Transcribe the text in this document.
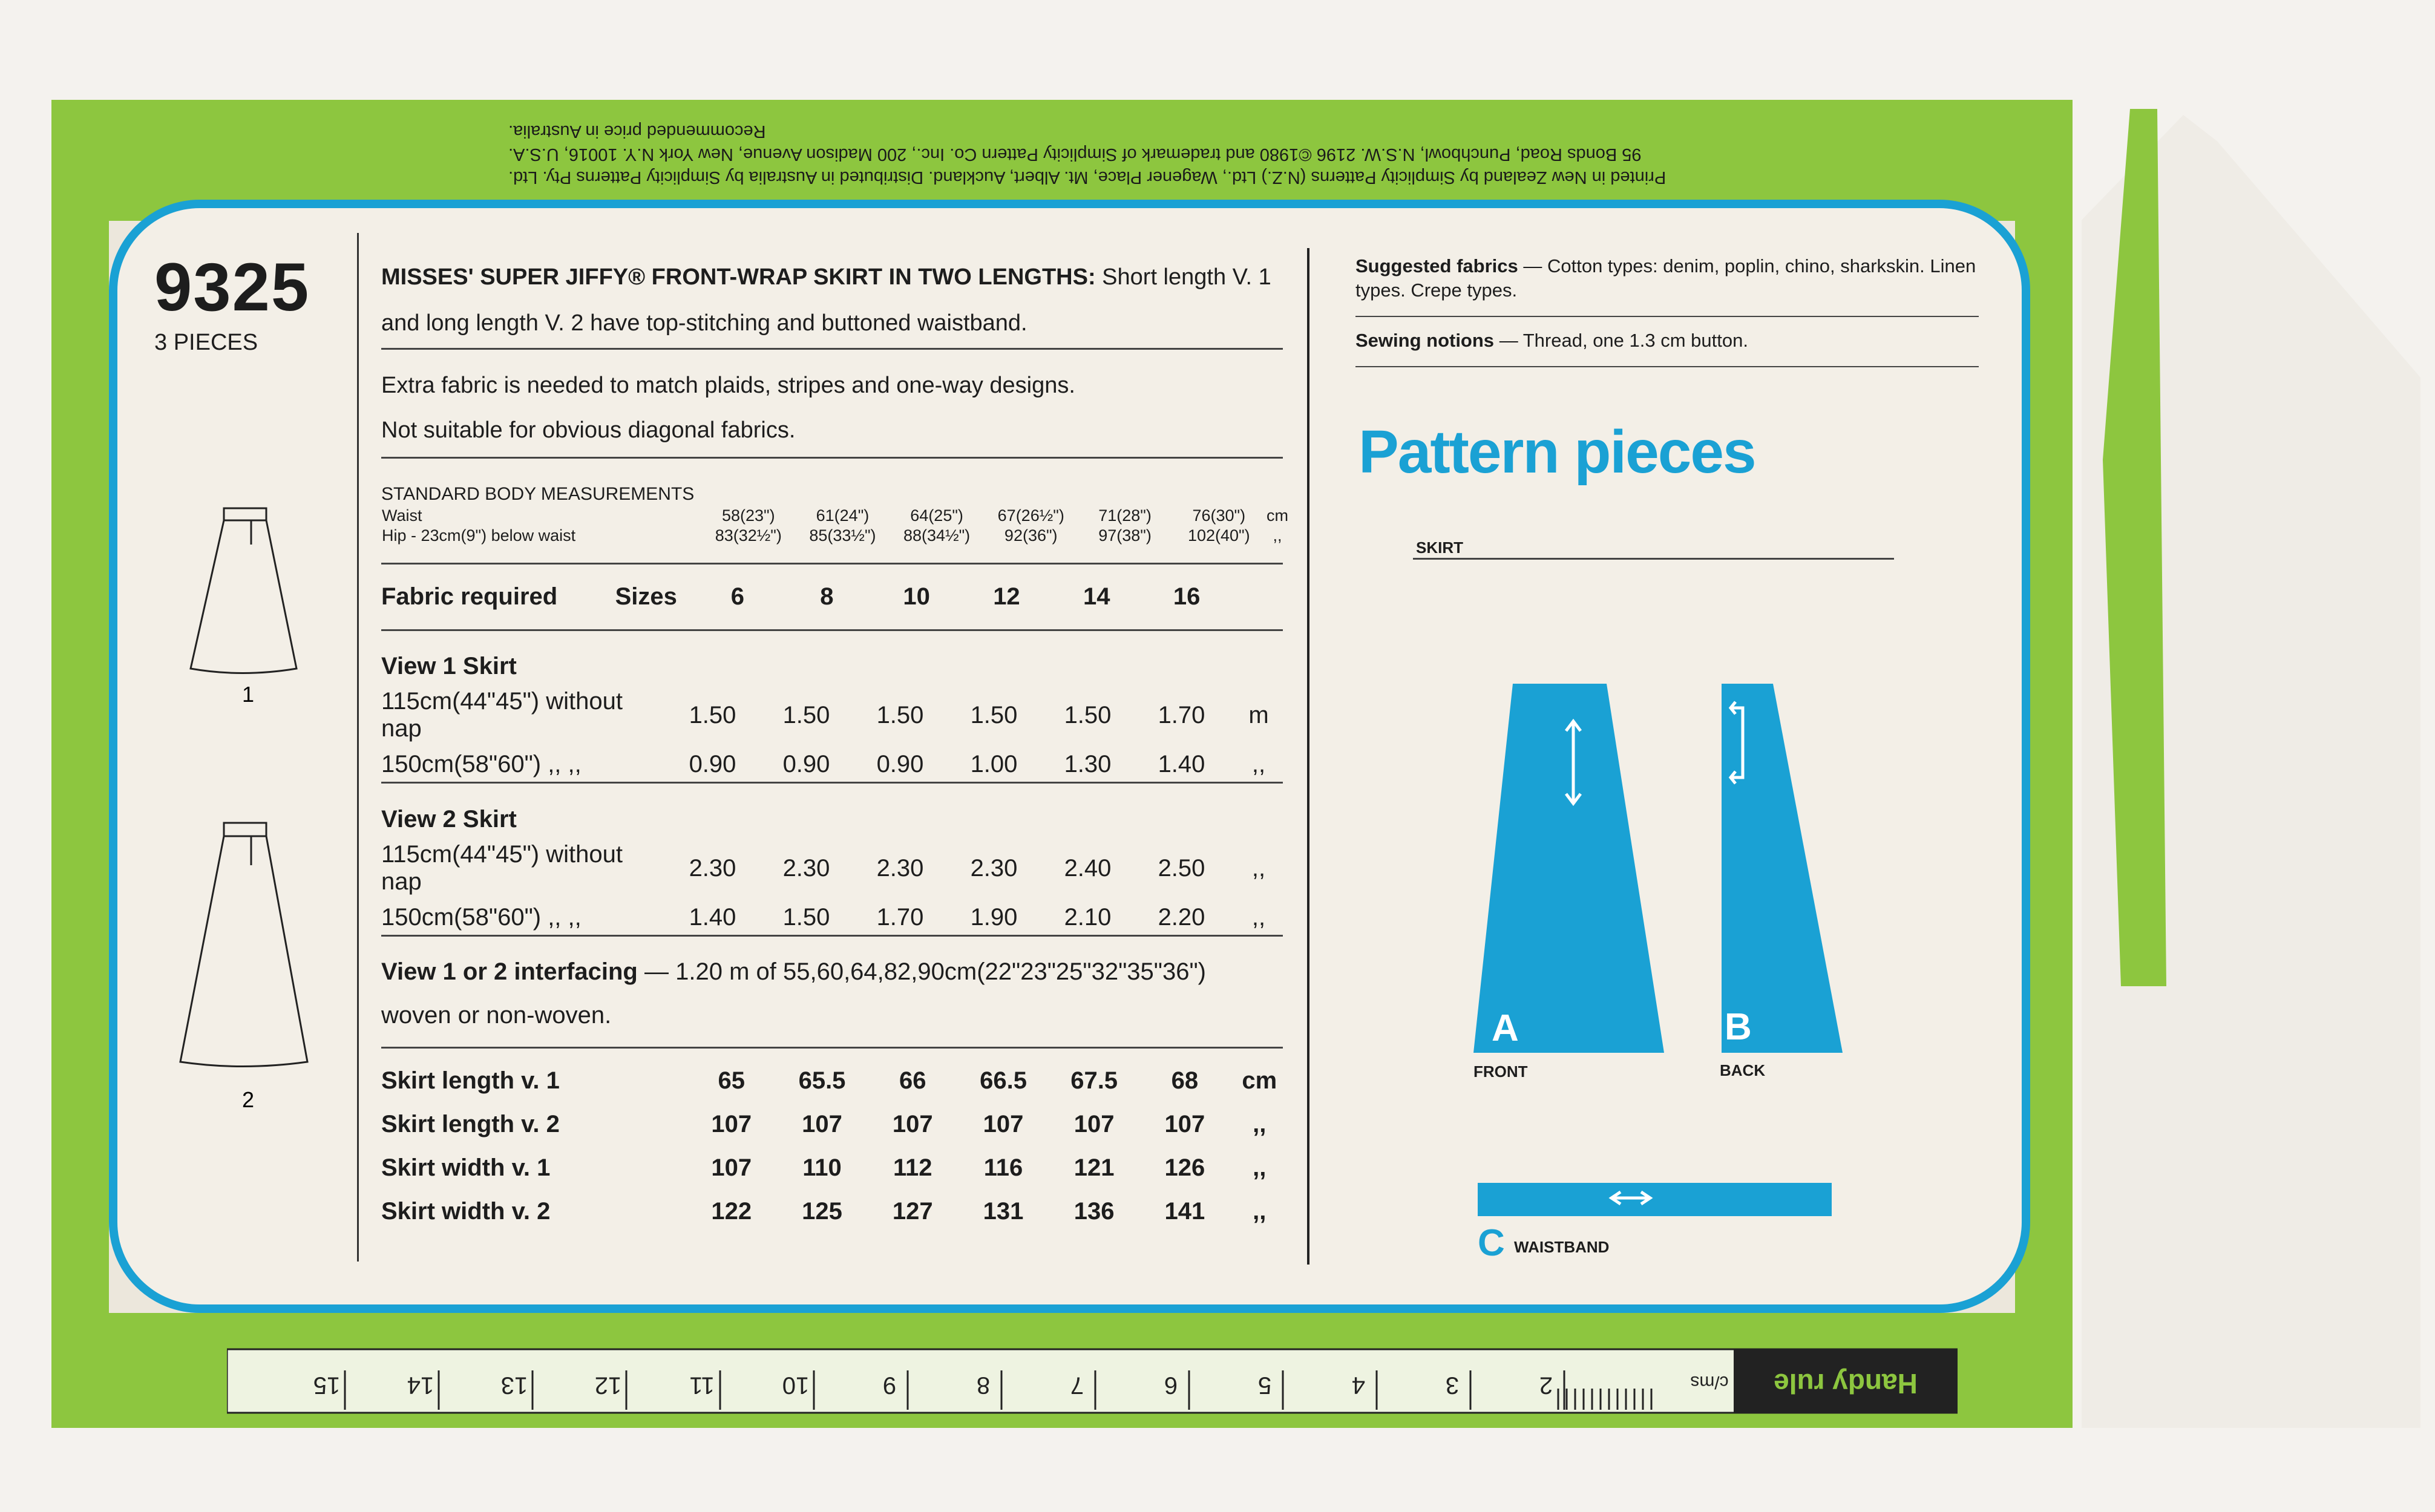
Printed in New Zealand by Simplicity Patterns (N.Z.) Ltd., Wagener Place, Mt. Albert, Auckland. Distributed in Australia by Simplicity Patterns Pty. Ltd.
95 Bonds Road, Punchbowl, N.S.W. 2196 ©1980 and trademark of Simplicity Pattern Co. Inc., 200 Madison Avenue, New York N.Y. 10016, U.S.A.
Recommended price in Australia.
9325
3 PIECES
1
2
MISSES' SUPER JIFFY® FRONT-WRAP SKIRT IN TWO LENGTHS: Short length V. 1
and long length V. 2 have top-stitching and buttoned waistband.
Extra fabric is needed to match plaids, stripes and one-way designs.
Not suitable for obvious diagonal fabrics.
STANDARD BODY MEASUREMENTS
Waist	58(23")	61(24")	64(25")	67(26½")	71(28")	76(30")	cm
Hip - 23cm(9") below waist	83(32½")	85(33½")	88(34½")	92(36")	97(38")	102(40")	,,
Fabric required	Sizes	6	8	10	12	14	16	
View 1 Skirt							
115cm(44"45") without nap	1.50	1.50	1.50	1.50	1.50	1.70	m
150cm(58"60") ,, ,,	0.90	0.90	0.90	1.00	1.30	1.40	,,
View 2 Skirt							
115cm(44"45") without nap	2.30	2.30	2.30	2.30	2.40	2.50	,,
150cm(58"60") ,, ,,	1.40	1.50	1.70	1.90	2.10	2.20	,,
View 1 or 2 interfacing — 1.20 m of 55,60,64,82,90cm(22"23"25"32"35"36")
woven or non-woven.
Skirt length v. 1	65	65.5	66	66.5	67.5	68	cm
Skirt length v. 2	107	107	107	107	107	107	,,
Skirt width v. 1	107	110	112	116	121	126	,,
Skirt width v. 2	122	125	127	131	136	141	,,
Suggested fabrics — Cotton types: denim, poplin, chino, sharkskin. Linen types. Crepe types.
Sewing notions — Thread, one 1.3 cm button.
Pattern pieces
SKIRT
A
FRONT
B
BACK
C WAISTBAND
2
3
4
5
6
7
8
9
10
11
12
13
14
15	Handy rule
c/ms
